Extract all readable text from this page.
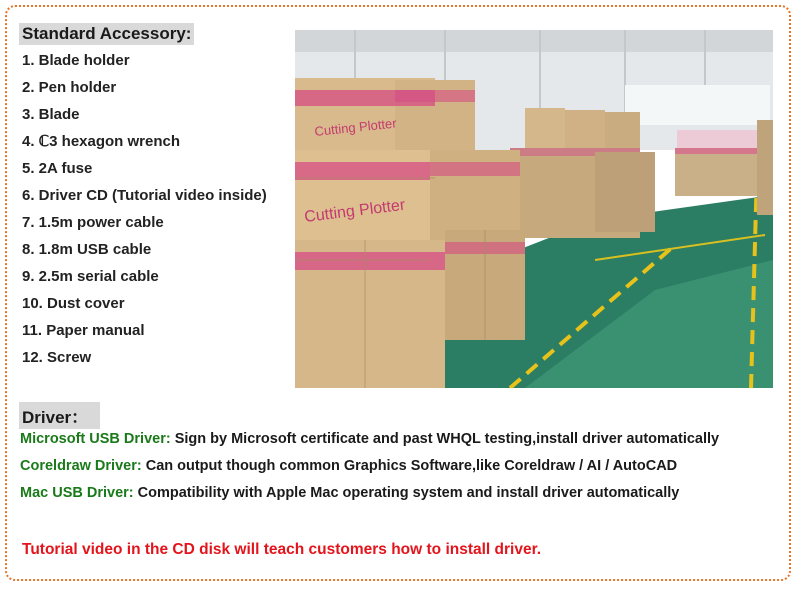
Standard Accessory:
1. Blade holder
2. Pen holder
3. Blade
4. ℂ3 hexagon wrench
5. 2A fuse
6. Driver CD (Tutorial video inside)
7. 1.5m power cable
8. 1.8m USB cable
9. 2.5m serial cable
10. Dust cover
11. Paper manual
12. Screw
Cutting Plotter
Cutting Plotter
Driver：
Microsoft USB Driver: Sign by Microsoft certificate and past WHQL testing,install driver automatically
Coreldraw Driver: Can output though common Graphics Software,like Coreldraw / AI / AutoCAD
Mac USB Driver: Compatibility with Apple Mac operating system and install driver automatically
Tutorial video in the CD disk will teach customers how to install driver.
